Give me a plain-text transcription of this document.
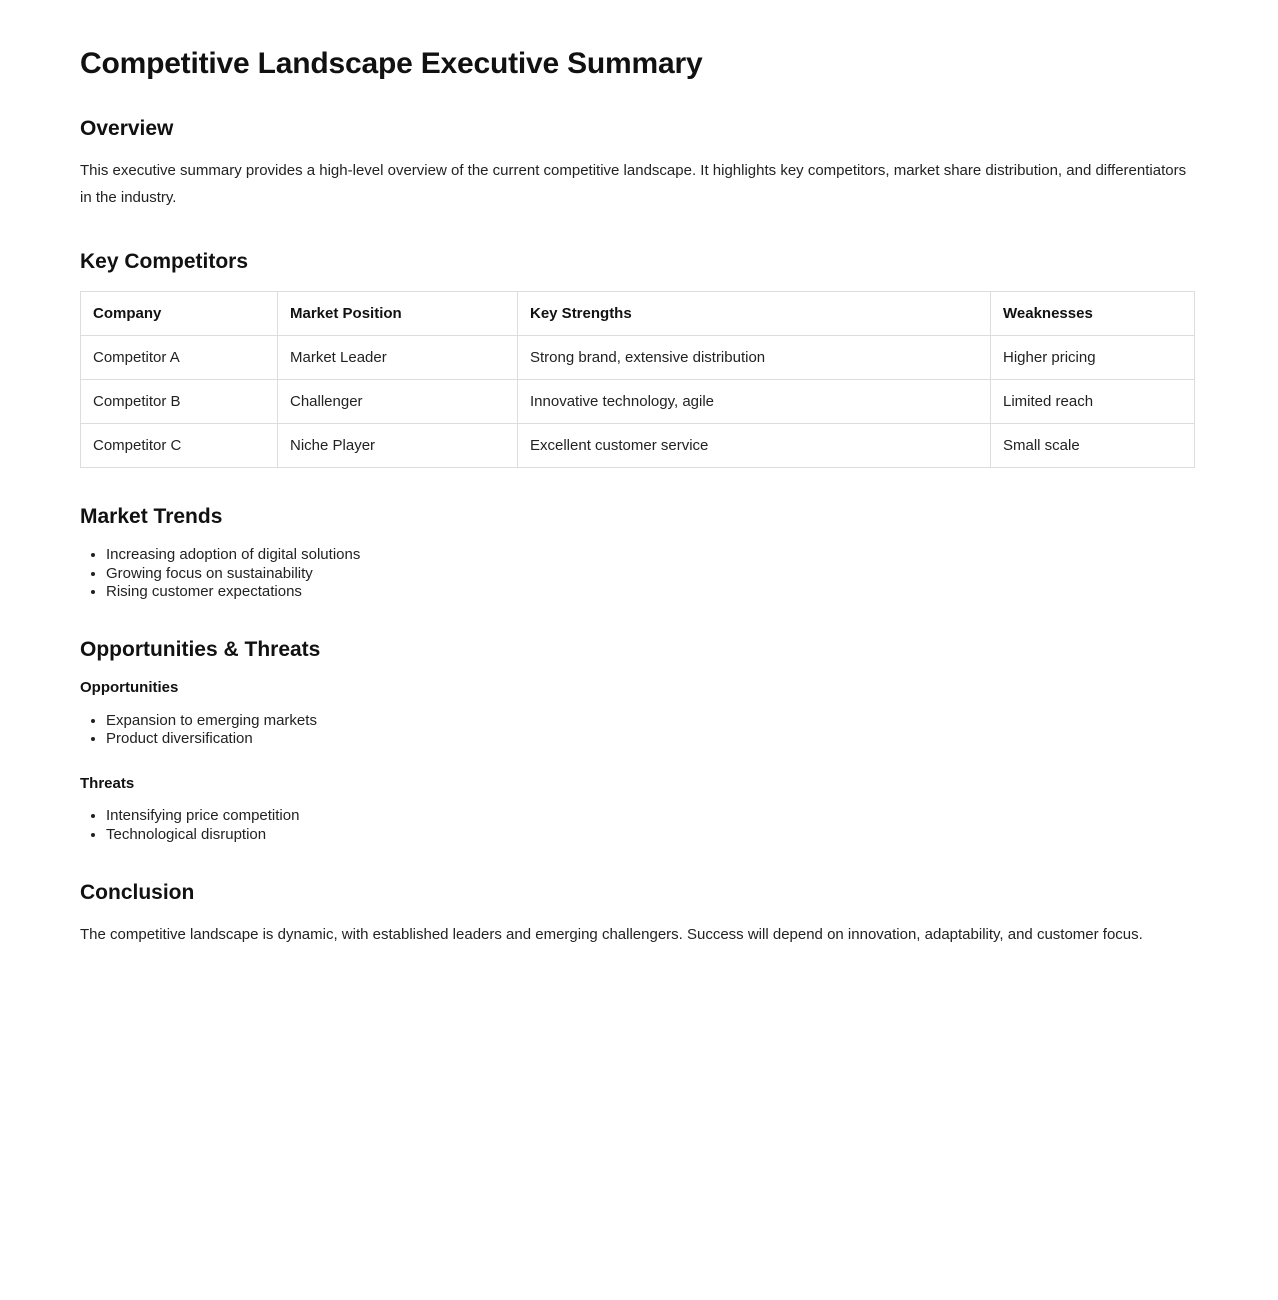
Competitive Landscape Executive Summary
Overview

This executive summary provides a high-level overview of the current competitive landscape. It highlights key competitors, market share distribution, and differentiators in the industry.

Key Competitors
Company	Market Position	Key Strengths	Weaknesses
Competitor A	Market Leader	Strong brand, extensive distribution	Higher pricing
Competitor B	Challenger	Innovative technology, agile	Limited reach
Competitor C	Niche Player	Excellent customer service	Small scale
Market Trends
• Increasing adoption of digital solutions
• Growing focus on sustainability
• Rising customer expectations
Opportunities & Threats
Opportunities
• Expansion to emerging markets
• Product diversification
Threats
• Intensifying price competition
• Technological disruption
Conclusion

The competitive landscape is dynamic, with established leaders and emerging challengers. Success will depend on innovation, adaptability, and customer focus.
